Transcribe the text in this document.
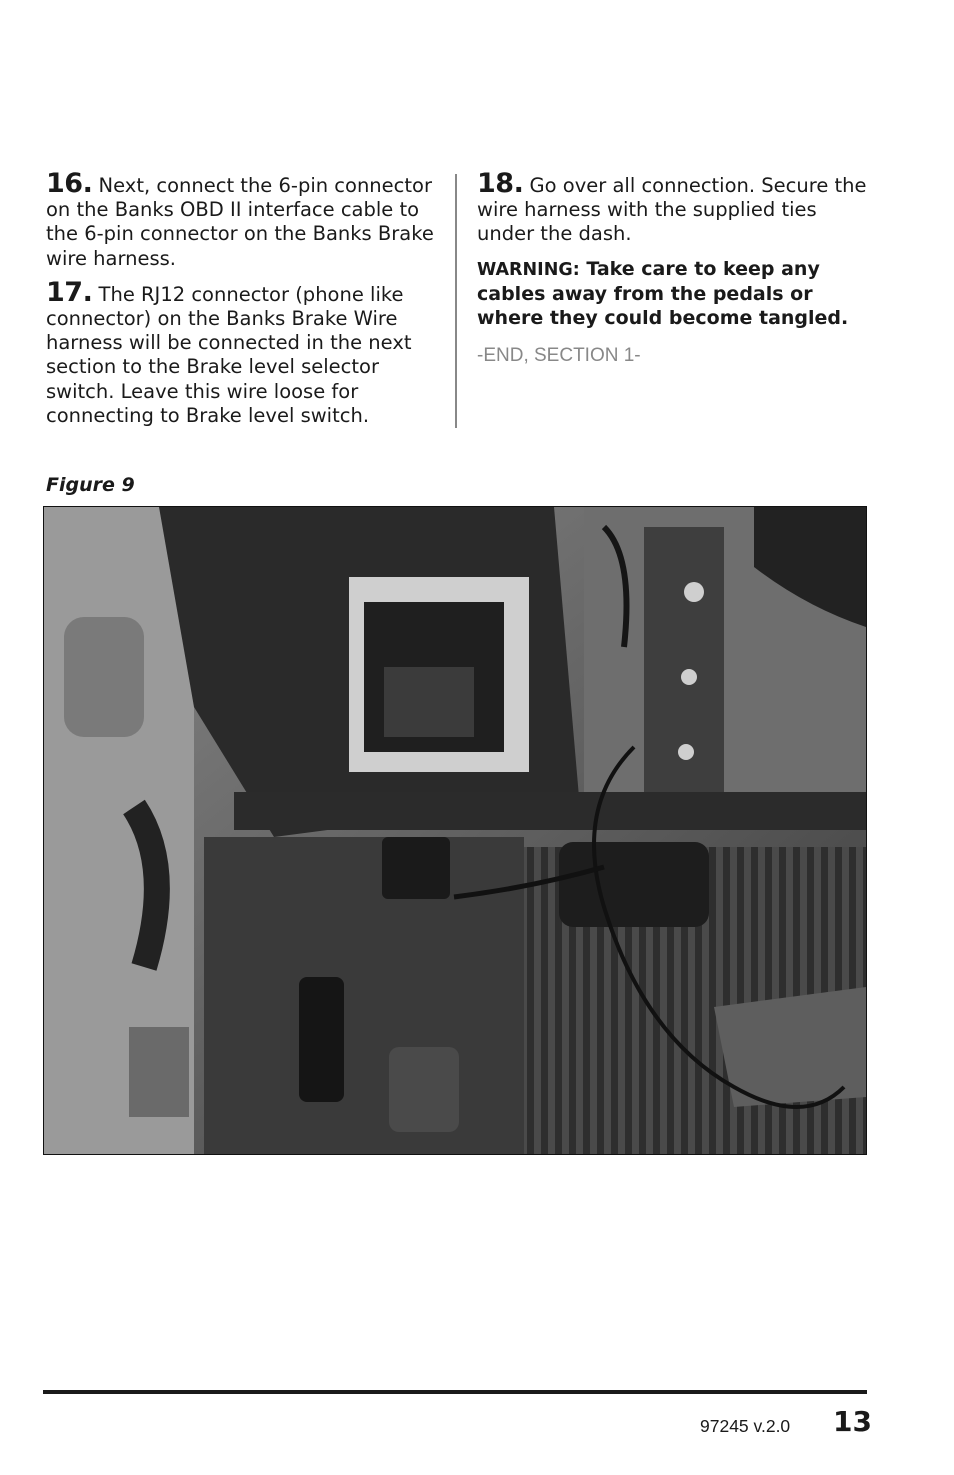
16. Next, connect the 6-pin connector on the Banks OBD II interface cable to the 6-pin connector on the Banks Brake wire harness.

17. The RJ12 connector (phone like connector) on the Banks Brake Wire harness will be connected in the next section to the Brake level selector switch. Leave this wire loose for connecting to Brake level switch.

18. Go over all connection. Secure the wire harness with the supplied ties under the dash.

WARNING: Take care to keep any cables away from the pedals or where they could become tangled.

-END, SECTION 1-

Figure 9
97245 v.2.0 13
